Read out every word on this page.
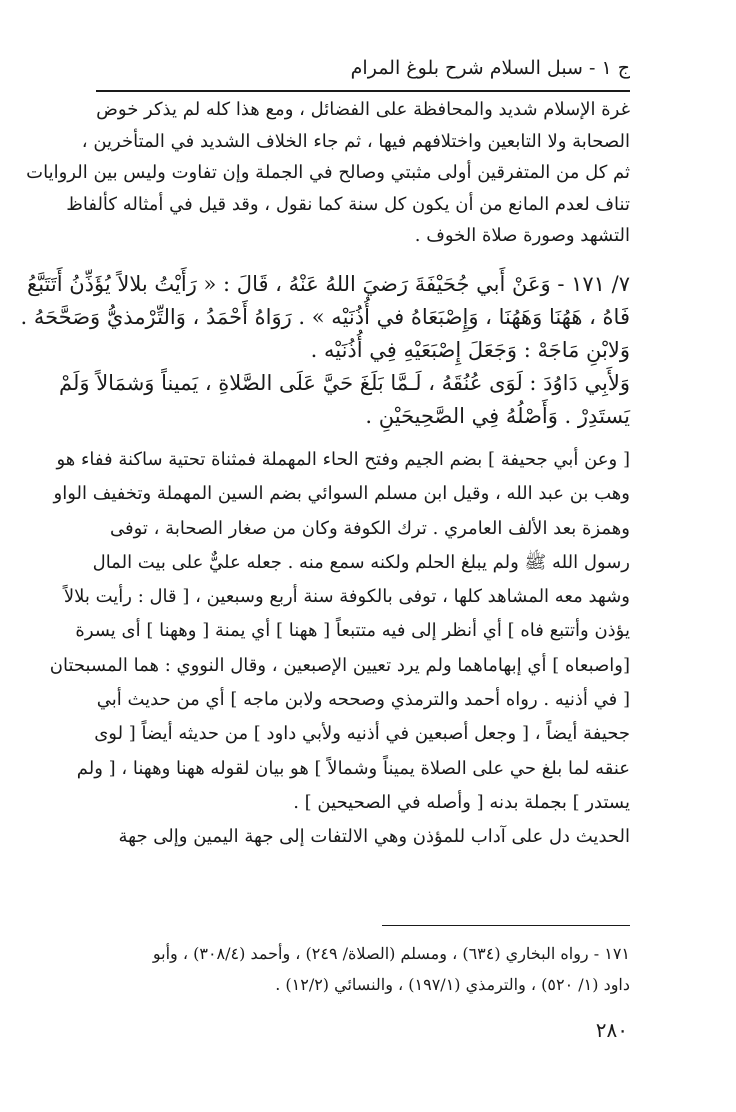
ج ١ - سبل السلام شرح بلوغ المرام
غرة الإسلام شديد والمحافظة على الفضائل ، ومع هذا كله لم يذكر خوض
الصحابة ولا التابعين واختلافهم فيها ، ثم جاء الخلاف الشديد في المتأخرين ،
ثم كل من المتفرقين أولى مثبتي وصالح في الجملة وإن تفاوت وليس بين الروايات
تناف لعدم المانع من أن يكون كل سنة كما نقول ، وقد قيل في أمثاله كألفاظ
التشهد وصورة صلاة الخوف .
٧/ ١٧١ - وَعَنْ أَبي جُحَيْفَةَ رَضيَ اللهُ عَنْهُ ، قَالَ : « رَأَيْتُ بلالاً يُؤَذِّنُ أَتَتَبَّعُ
فَاهُ ، هَهُنَا وَهَهُنَا ، وَإِصْبَعَاهُ في أُذُنَيْه » . رَوَاهُ أَحْمَدُ ، وَالتِّرْمذيُّ وَصَحَّحَهُ .
وَلابْنِ مَاجَهْ : وَجَعَلَ إِصْبَعَيْهِ فِي أُذُنَيْه .
وَلأَبِي دَاوُدَ : لَوَى عُنُقَهُ ، لَـمَّا بَلَغَ حَيَّ عَلَى الصَّلاةِ ، يَميناً وَشمَالاً وَلَمْ
يَستَدِرْ . وَأَصْلُهُ فِي الصَّحِيحَيْنِ .
[ وعن أبي جحيفة ] بضم الجيم وفتح الحاء المهملة فمثناة تحتية ساكنة ففاء هو
وهب بن عبد الله ، وقيل ابن مسلم السوائي بضم السين المهملة وتخفيف الواو
وهمزة بعد الألف العامري . ترك الكوفة وكان من صغار الصحابة ، توفى
رسول الله ﷺ ولم يبلغ الحلم ولكنه سمع منه . جعله عليٌّ على بيت المال
وشهد معه المشاهد كلها ، توفى بالكوفة سنة أربع وسبعين ، [ قال : رأيت بلالاً
يؤذن وأتتبع فاه ] أي أنظر إلى فيه متتبعاً [ ههنا ] أي يمنة [ وههنا ] أى يسرة
[واصبعاه ] أي إبهاماهما ولم يرد تعيين الإصبعين ، وقال النووي : هما المسبحتان
[ في أذنيه . رواه أحمد والترمذي وصححه ولابن ماجه ] أي من حديث أبي
جحيفة أيضاً ، [ وجعل أصبعين في أذنيه ولأبي داود ] من حديثه أيضاً [ لوى
عنقه لما بلغ حي على الصلاة يميناً وشمالاً ] هو بيان لقوله ههنا وههنا ، [ ولم
يستدر ] بجملة بدنه [ وأصله في الصحيحين ] .
الحديث دل على آداب للمؤذن وهي الالتفات إلى جهة اليمين وإلى جهة
١٧١ - رواه البخاري (٦٣٤) ، ومسلم (الصلاة/ ٢٤٩) ، وأحمد (٣٠٨/٤) ، وأبو
داود (١/ ٥٢٠) ، والترمذي (١٩٧/١) ، والنسائي (١٢/٢) .
٢٨٠
